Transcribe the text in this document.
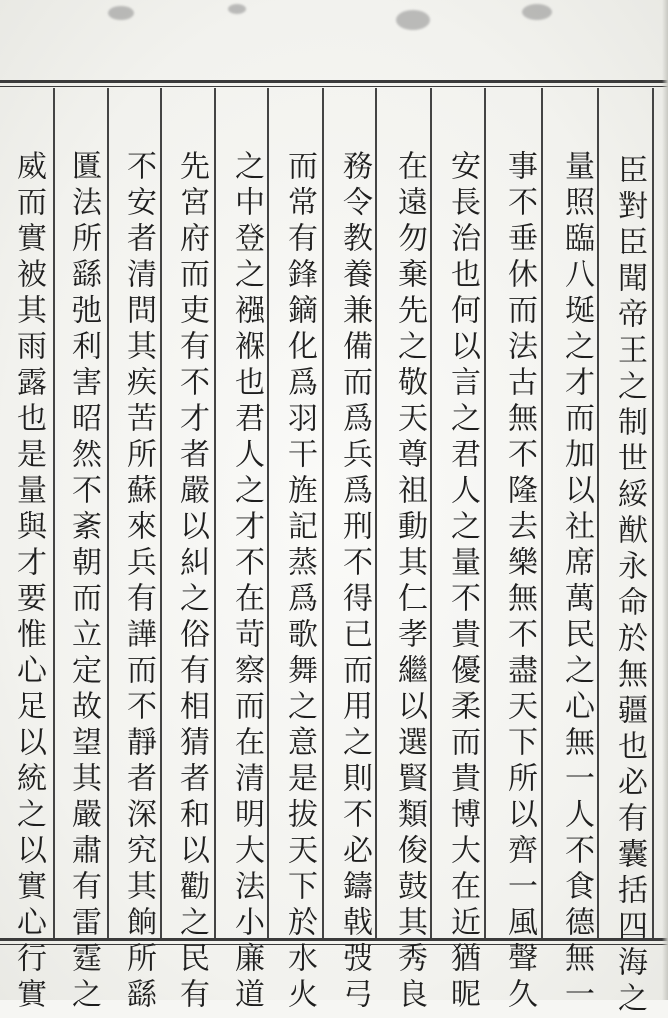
臣對臣聞帝王之制世綏猷永命於無疆也必有囊括四海之
量照臨八埏之才而加以社席萬民之心無一人不食德無一
事不垂休而法古無不隆去樂無不盡天下所以齊一風聲久
安長治也何以言之君人之量不貴優柔而貴博大在近猶昵
在遠勿棄先之敬天尊祖動其仁孝繼以選賢類俊鼓其秀良
務令教養兼備而爲兵爲刑不得已而用之則不必鑄戟弢弓
而常有鋒鏑化爲羽干旌記蒸爲歌舞之意是拔天下於水火
之中登之襁褓也君人之才不在苛察而在清明大法小廉道
先宮府而吏有不才者嚴以糾之俗有相猜者和以勸之民有
不安者清問其疾苦所蘇來兵有譁而不靜者深究其餉所繇
匱法所繇弛利害昭然不紊朝而立定故望其嚴肅有雷霆之
威而實被其雨露也是量與才要惟心足以統之以實心行實
